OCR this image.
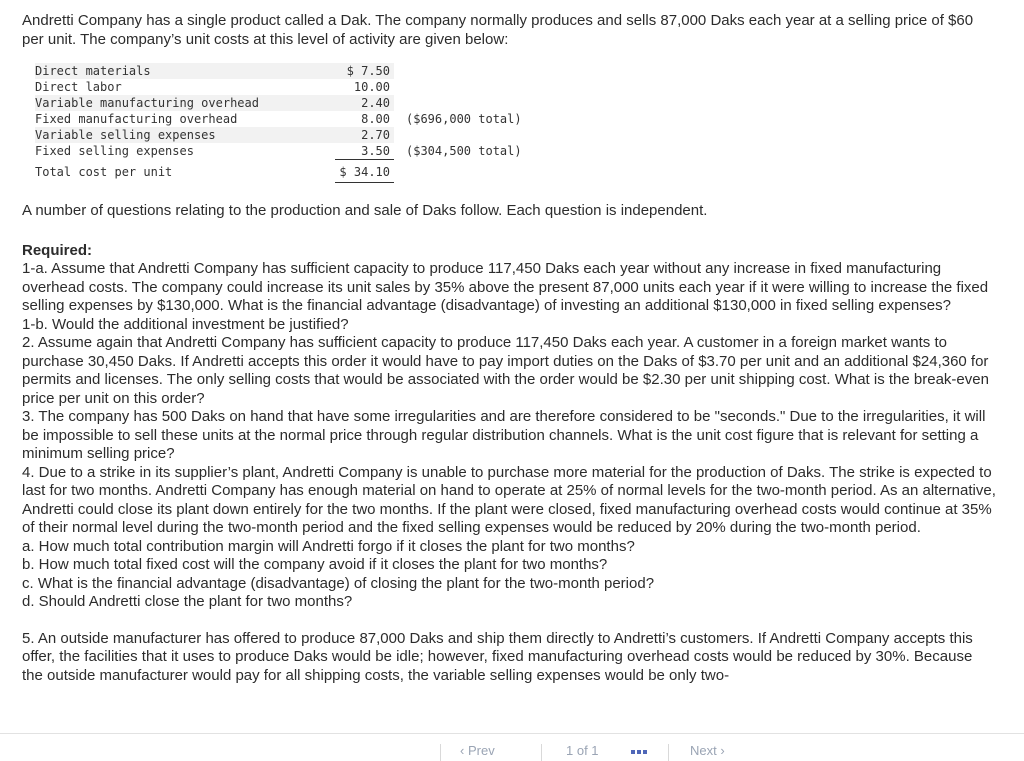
Andretti Company has a single product called a Dak. The company normally produces and sells 87,000 Daks each year at a selling price of $60 per unit. The company’s unit costs at this level of activity are given below:

Direct materials	$ 7.50	
Direct labor	10.00	
Variable manufacturing overhead	2.40	
Fixed manufacturing overhead	8.00	($696,000 total)
Variable selling expenses	2.70	
Fixed selling expenses	3.50	($304,500 total)
Total cost per unit	$ 34.10	

A number of questions relating to the production and sale of Daks follow. Each question is independent.

Required:

1-a. Assume that Andretti Company has sufficient capacity to produce 117,450 Daks each year without any increase in fixed manufacturing overhead costs. The company could increase its unit sales by 35% above the present 87,000 units each year if it were willing to increase the fixed selling expenses by $130,000. What is the financial advantage (disadvantage) of investing an additional $130,000 in fixed selling expenses?

1-b. Would the additional investment be justified?

2. Assume again that Andretti Company has sufficient capacity to produce 117,450 Daks each year. A customer in a foreign market wants to purchase 30,450 Daks. If Andretti accepts this order it would have to pay import duties on the Daks of $3.70 per unit and an additional $24,360 for permits and licenses. The only selling costs that would be associated with the order would be $2.30 per unit shipping cost. What is the break-even price per unit on this order?

3. The company has 500 Daks on hand that have some irregularities and are therefore considered to be "seconds." Due to the irregularities, it will be impossible to sell these units at the normal price through regular distribution channels. What is the unit cost figure that is relevant for setting a minimum selling price?

4. Due to a strike in its supplier’s plant, Andretti Company is unable to purchase more material for the production of Daks. The strike is expected to last for two months. Andretti Company has enough material on hand to operate at 25% of normal levels for the two-month period. As an alternative, Andretti could close its plant down entirely for the two months. If the plant were closed, fixed manufacturing overhead costs would continue at 35% of their normal level during the two-month period and the fixed selling expenses would be reduced by 20% during the two-month period.

a. How much total contribution margin will Andretti forgo if it closes the plant for two months?

b. How much total fixed cost will the company avoid if it closes the plant for two months?

c. What is the financial advantage (disadvantage) of closing the plant for the two-month period?

d. Should Andretti close the plant for two months?

5. An outside manufacturer has offered to produce 87,000 Daks and ship them directly to Andretti’s customers. If Andretti Company accepts this offer, the facilities that it uses to produce Daks would be idle; however, fixed manufacturing overhead costs would be reduced by 30%. Because the outside manufacturer would pay for all shipping costs, the variable selling expenses would be only two-

‹ Prev	1 of 1	Next ›
